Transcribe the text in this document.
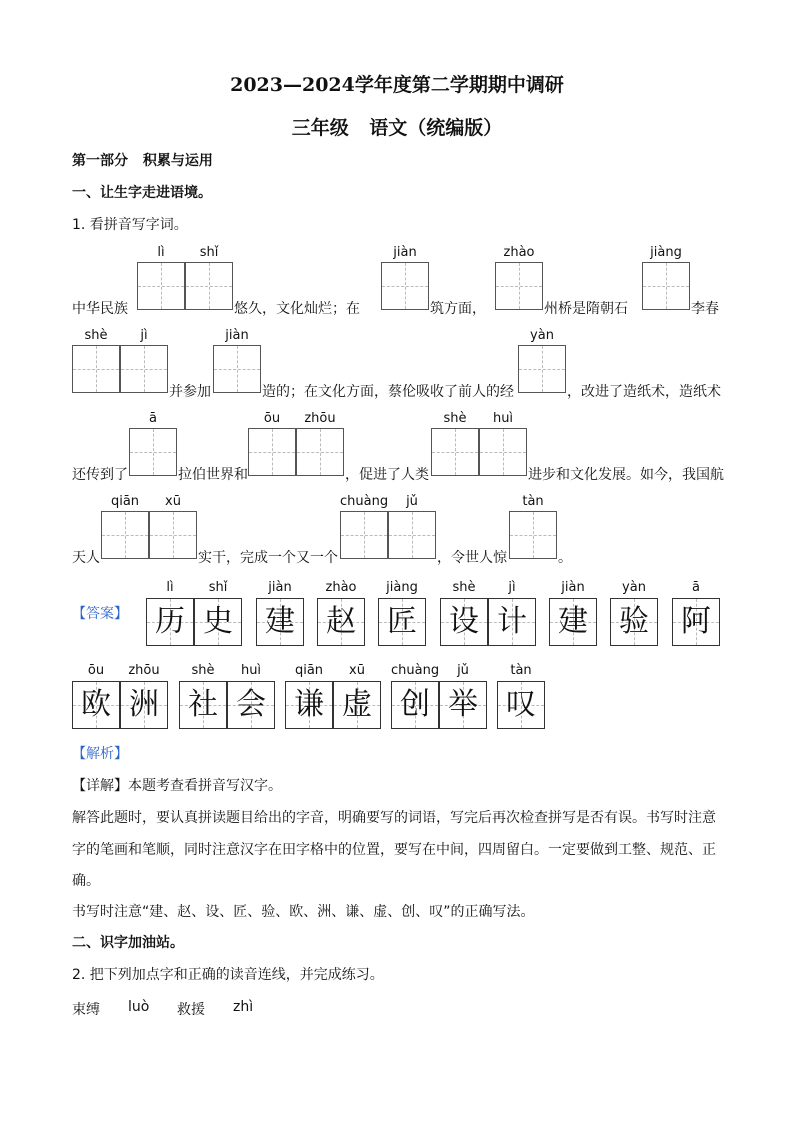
2023—2024学年度第二学期期中调研
三年级 语文（统编版）
第一部分 积累与运用
一、让生字走进语境。
1. 看拼音写字词。
lì	shǐ	jiàn	zhào	jiàng
中华民族	悠久，文化灿烂；在	筑方面，	州桥是隋朝石	李春
shè	jì	jiàn	yàn
并参加	造的；在文化方面，蔡伦吸收了前人的经	，改进了造纸术，造纸术
ā	ōu	zhōu	shè	huì
还传到了	拉伯世界和	，促进了人类	进步和文化发展。如今，我国航
qiān	xū	chuàng	jǔ	tàn
天人	实干，完成一个又一个	，令世人惊	。
【答案】
lì	shǐ	jiàn	zhào	jiàng	shè	jì	jiàn	yàn	ā
历 史 建 赵 匠 设 计 建 验 阿
ōu	zhōu	shè	huì	qiān	xū	chuàng	jǔ	tàn
欧 洲 社 会 谦 虚 创 举 叹
【解析】
【详解】本题考查看拼音写汉字。
解答此题时，要认真拼读题目给出的字音，明确要写的词语，写完后再次检查拼写是否有误。书写时注意
字的笔画和笔顺，同时注意汉字在田字格中的位置，要写在中间，四周留白。一定要做到工整、规范、正
确。
书写时注意“建、赵、设、匠、验、欧、洲、谦、虚、创、叹”的正确写法。
二、识字加油站。
2. 把下列加点字和正确的读音连线，并完成练习。
束缚 luò 救援 zhì
